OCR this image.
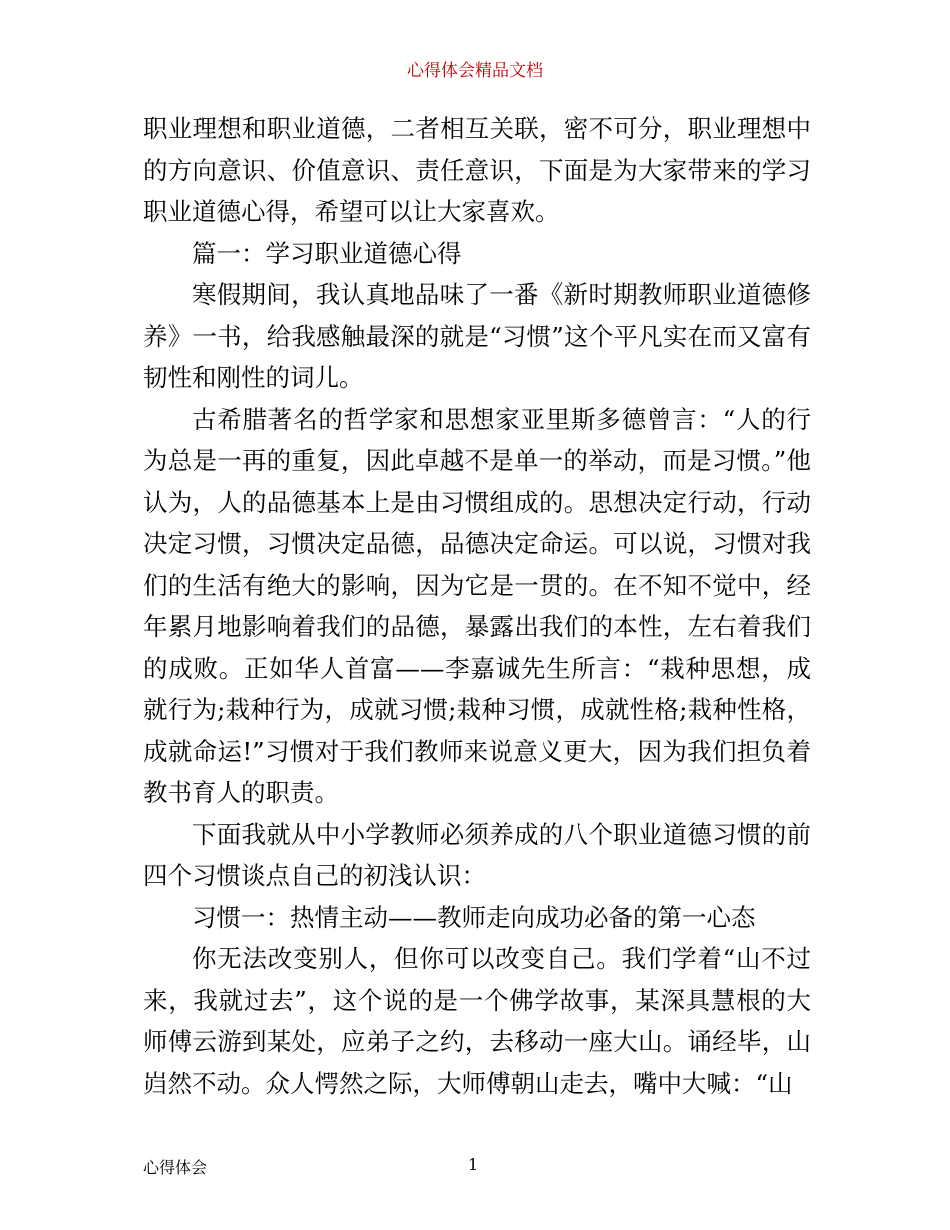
心得体会精品文档

职业理想和职业道德，二者相互关联，密不可分，职业理想中的方向意识、价值意识、责任意识，下面是为大家带来的学习职业道德心得，希望可以让大家喜欢。

篇一：学习职业道德心得

寒假期间，我认真地品味了一番《新时期教师职业道德修养》一书，给我感触最深的就是“习惯”这个平凡实在而又富有韧性和刚性的词儿。

古希腊著名的哲学家和思想家亚里斯多德曾言：“人的行为总是一再的重复，因此卓越不是单一的举动，而是习惯。”他认为，人的品德基本上是由习惯组成的。思想决定行动，行动决定习惯，习惯决定品德，品德决定命运。可以说，习惯对我们的生活有绝大的影响，因为它是一贯的。在不知不觉中，经年累月地影响着我们的品德，暴露出我们的本性，左右着我们的成败。正如华人首富——李嘉诚先生所言：“栽种思想，成就行为;栽种行为，成就习惯;栽种习惯，成就性格;栽种性格，成就命运!”习惯对于我们教师来说意义更大，因为我们担负着教书育人的职责。

下面我就从中小学教师必须养成的八个职业道德习惯的前四个习惯谈点自己的初浅认识：

习惯一：热情主动——教师走向成功必备的第一心态

你无法改变别人，但你可以改变自己。我们学着“山不过来，我就过去”，这个说的是一个佛学故事，某深具慧根的大师傅云游到某处，应弟子之约，去移动一座大山。诵经毕，山岿然不动。众人愕然之际，大师傅朝山走去，嘴中大喊：“山

心得体会	1
